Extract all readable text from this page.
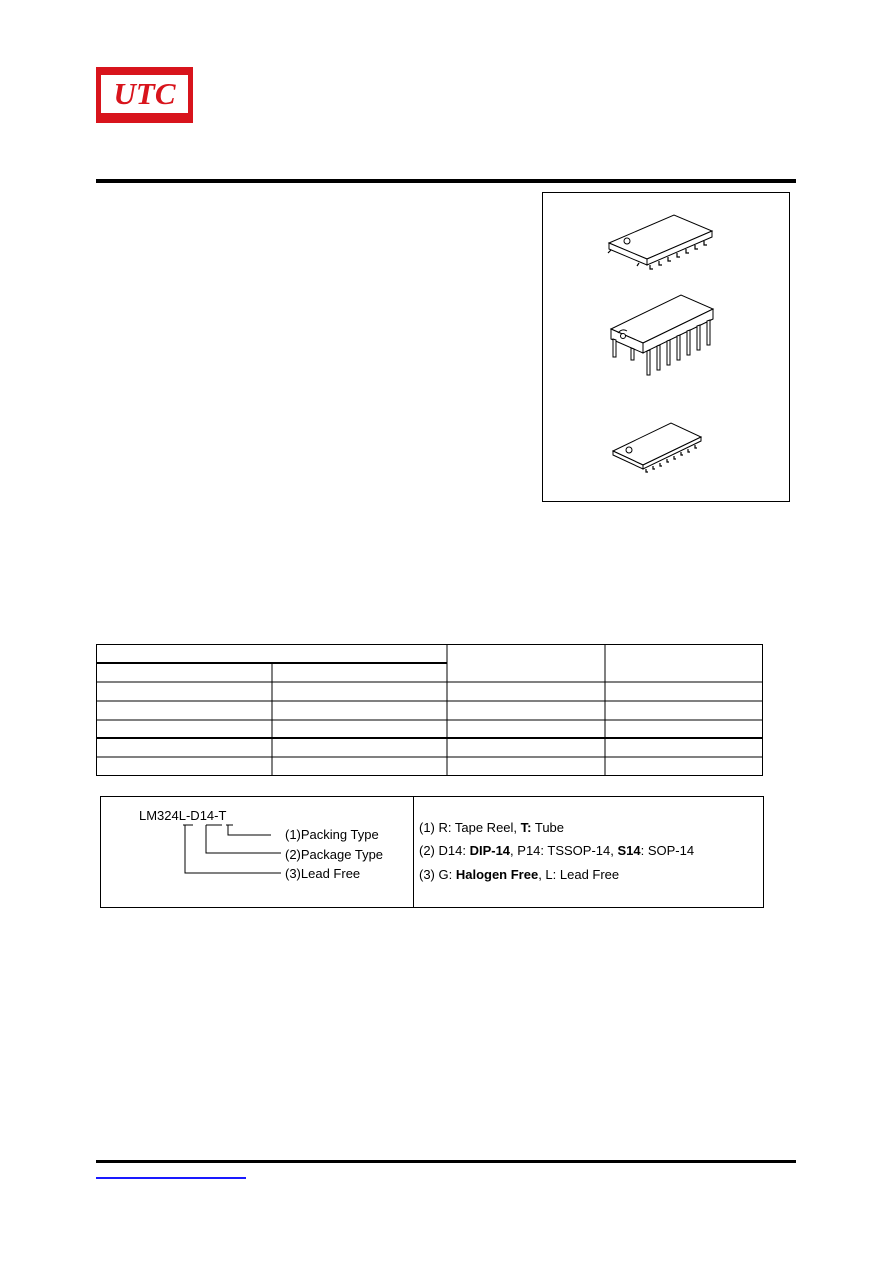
UTC
LM324L-D14-T
(1)Packing Type
(2)Package Type
(3)Lead Free
(1) R: Tape Reel, T: Tube
(2) D14: DIP-14, P14: TSSOP-14, S14: SOP-14
(3) G: Halogen Free, L: Lead Free
